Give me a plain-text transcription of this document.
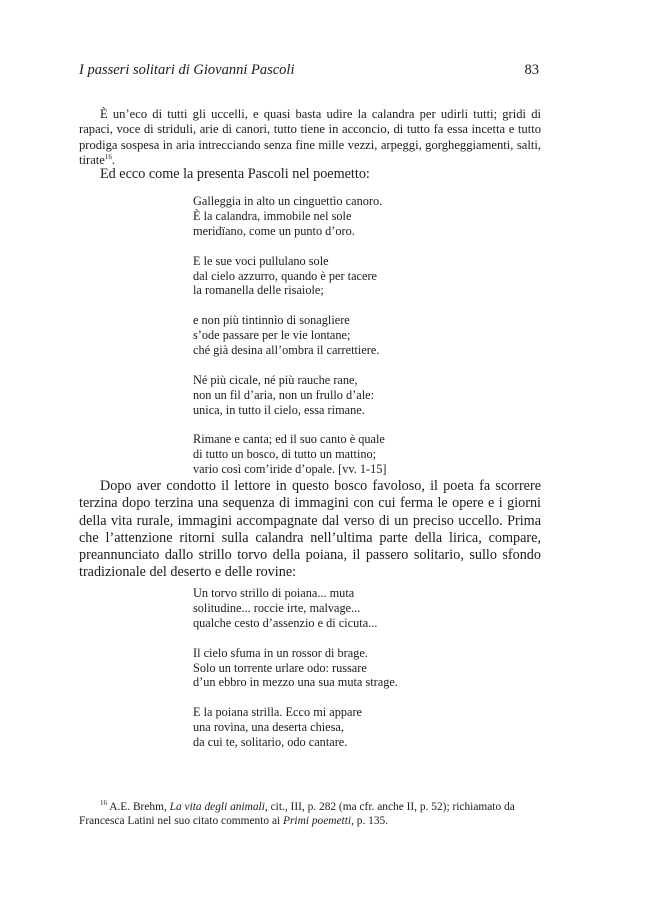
I passeri solitari di Giovanni Pascoli	83

È un’eco di tutti gli uccelli, e quasi basta udire la calandra per udirli tutti; gridi di rapaci, voce di striduli, arie di canori, tutto tiene in acconcio, di tutto fa essa incetta e tutto prodiga sospesa in aria intrecciando senza fine mille vezzi, arpeggi, gorgheggiamenti, salti, tirate$^{16}$.

Ed ecco come la presenta Pascoli nel poemetto:

Galleggia in alto un cinguettìo canoro.
È la calandra, immobile nel sole
meridïano, come un punto d’oro.
E le sue voci pullulano sole
dal cielo azzurro, quando è per tacere
la romanella delle risaiole;
e non più tintinnìo di sonagliere
s’ode passare per le vie lontane;
ché già desina all’ombra il carrettiere.
Né più cicale, né più rauche rane,
non un fil d’aria, non un frullo d’ale:
unica, in tutto il cielo, essa rimane.
Rimane e canta; ed il suo canto è quale
di tutto un bosco, di tutto un mattino;
vario così com’iride d’opale. [vv. 1-15]

Dopo aver condotto il lettore in questo bosco favoloso, il poeta fa scorrere terzina dopo terzina una sequenza di immagini con cui ferma le opere e i giorni della vita rurale, immagini accompagnate dal verso di un preciso uccello. Prima che l’attenzione ritorni sulla calandra nell’ultima parte della lirica, compare, preannunciato dallo strillo torvo della poiana, il passero solitario, sullo sfondo tradizionale del deserto e delle rovine:

Un torvo strillo di poiana... muta
solitudine... roccie irte, malvage...
qualche cesto d’assenzio e di cicuta...
Il cielo sfuma in un rossor di brage.
Solo un torrente urlare odo: russare
d’un ebbro in mezzo una sua muta strage.
E la poiana strilla. Ecco mi appare
una rovina, una deserta chiesa,
da cui te, solitario, odo cantare.

$^{16}$ A.E. Brehm, La vita degli animali, cit., III, p. 282 (ma cfr. anche II, p. 52); richiamato da Francesca Latini nel suo citato commento ai Primi poemetti, p. 135.
